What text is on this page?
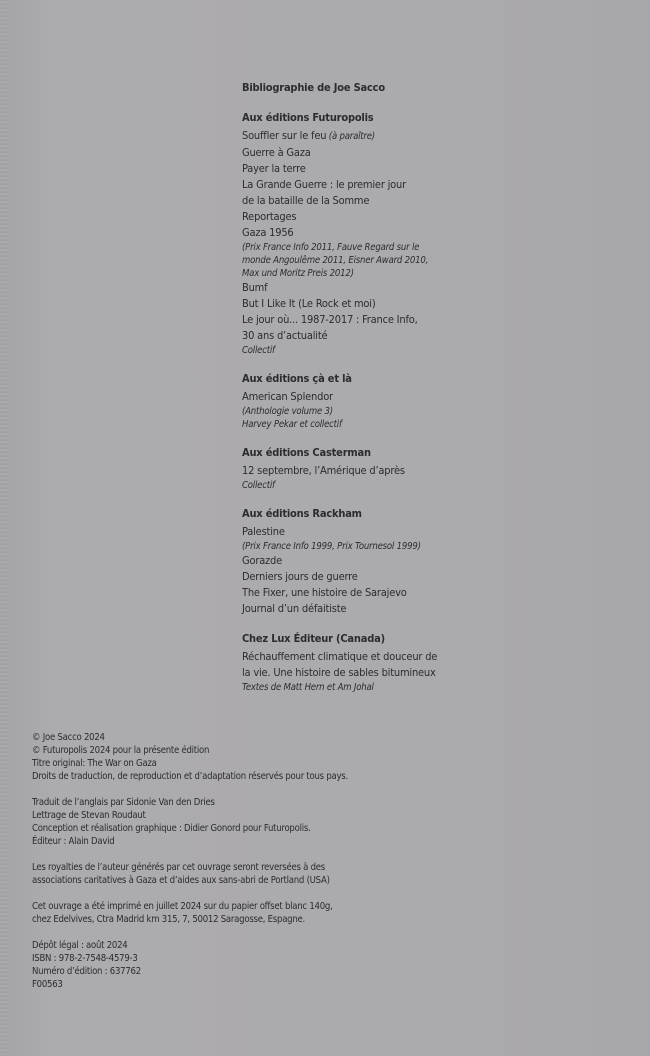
Bibliographie de Joe Sacco
Aux éditions Futuropolis
Souffler sur le feu (à paraître)
Guerre à Gaza
Payer la terre
La Grande Guerre : le premier jour
de la bataille de la Somme
Reportages
Gaza 1956
(Prix France Info 2011, Fauve Regard sur le
monde Angoulême 2011, Eisner Award 2010,
Max und Moritz Preis 2012)
Bumf
But I Like It (Le Rock et moi)
Le jour où... 1987-2017 : France Info,
30 ans d’actualité
Collectif
Aux éditions çà et là
American Splendor
(Anthologie volume 3)
Harvey Pekar et collectif
Aux éditions Casterman
12 septembre, l’Amérique d’après
Collectif
Aux éditions Rackham
Palestine
(Prix France Info 1999, Prix Tournesol 1999)
Gorazde
Derniers jours de guerre
The Fixer, une histoire de Sarajevo
Journal d’un défaitiste
Chez Lux Éditeur (Canada)
Réchauffement climatique et douceur de
la vie. Une histoire de sables bitumineux
Textes de Matt Hern et Am Johal
© Joe Sacco 2024
© Futuropolis 2024 pour la présente édition
Titre original: The War on Gaza
Droits de traduction, de reproduction et d’adaptation réservés pour tous pays.
Traduit de l’anglais par Sidonie Van den Dries
Lettrage de Stevan Roudaut
Conception et réalisation graphique : Didier Gonord pour Futuropolis.
Éditeur : Alain David
Les royalties de l’auteur générés par cet ouvrage seront reversées à des
associations caritatives à Gaza et d’aides aux sans-abri de Portland (USA)
Cet ouvrage a été imprimé en juillet 2024 sur du papier offset blanc 140g,
chez Edelvives, Ctra Madrid km 315, 7, 50012 Saragosse, Espagne.
Dépôt légal : août 2024
ISBN : 978-2-7548-4579-3
Numéro d’édition : 637762
F00563
